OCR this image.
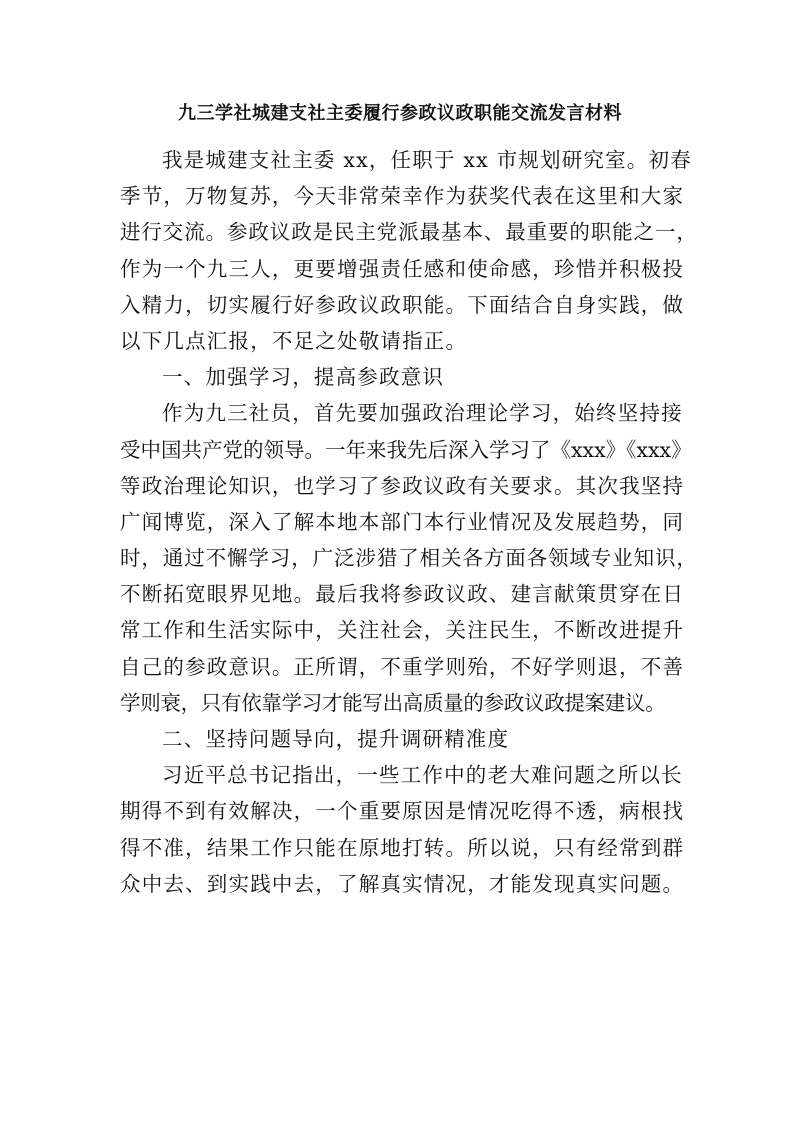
九三学社城建支社主委履行参政议政职能交流发言材料
我是城建支社主委 xx，任职于 xx 市规划研究室。初春
季节，万物复苏，今天非常荣幸作为获奖代表在这里和大家
进行交流。参政议政是民主党派最基本、最重要的职能之一，
作为一个九三人，更要增强责任感和使命感，珍惜并积极投
入精力，切实履行好参政议政职能。下面结合自身实践，做
以下几点汇报，不足之处敬请指正。
一、加强学习，提高参政意识
作为九三社员，首先要加强政治理论学习，始终坚持接
受中国共产党的领导。一年来我先后深入学习了《xxx》《xxx》
等政治理论知识，也学习了参政议政有关要求。其次我坚持
广闻博览，深入了解本地本部门本行业情况及发展趋势，同
时，通过不懈学习，广泛涉猎了相关各方面各领域专业知识，
不断拓宽眼界见地。最后我将参政议政、建言献策贯穿在日
常工作和生活实际中，关注社会，关注民生，不断改进提升
自己的参政意识。正所谓，不重学则殆，不好学则退，不善
学则衰，只有依靠学习才能写出高质量的参政议政提案建议。
二、坚持问题导向，提升调研精准度
习近平总书记指出，一些工作中的老大难问题之所以长
期得不到有效解决，一个重要原因是情况吃得不透，病根找
得不准，结果工作只能在原地打转。所以说，只有经常到群
众中去、到实践中去，了解真实情况，才能发现真实问题。
